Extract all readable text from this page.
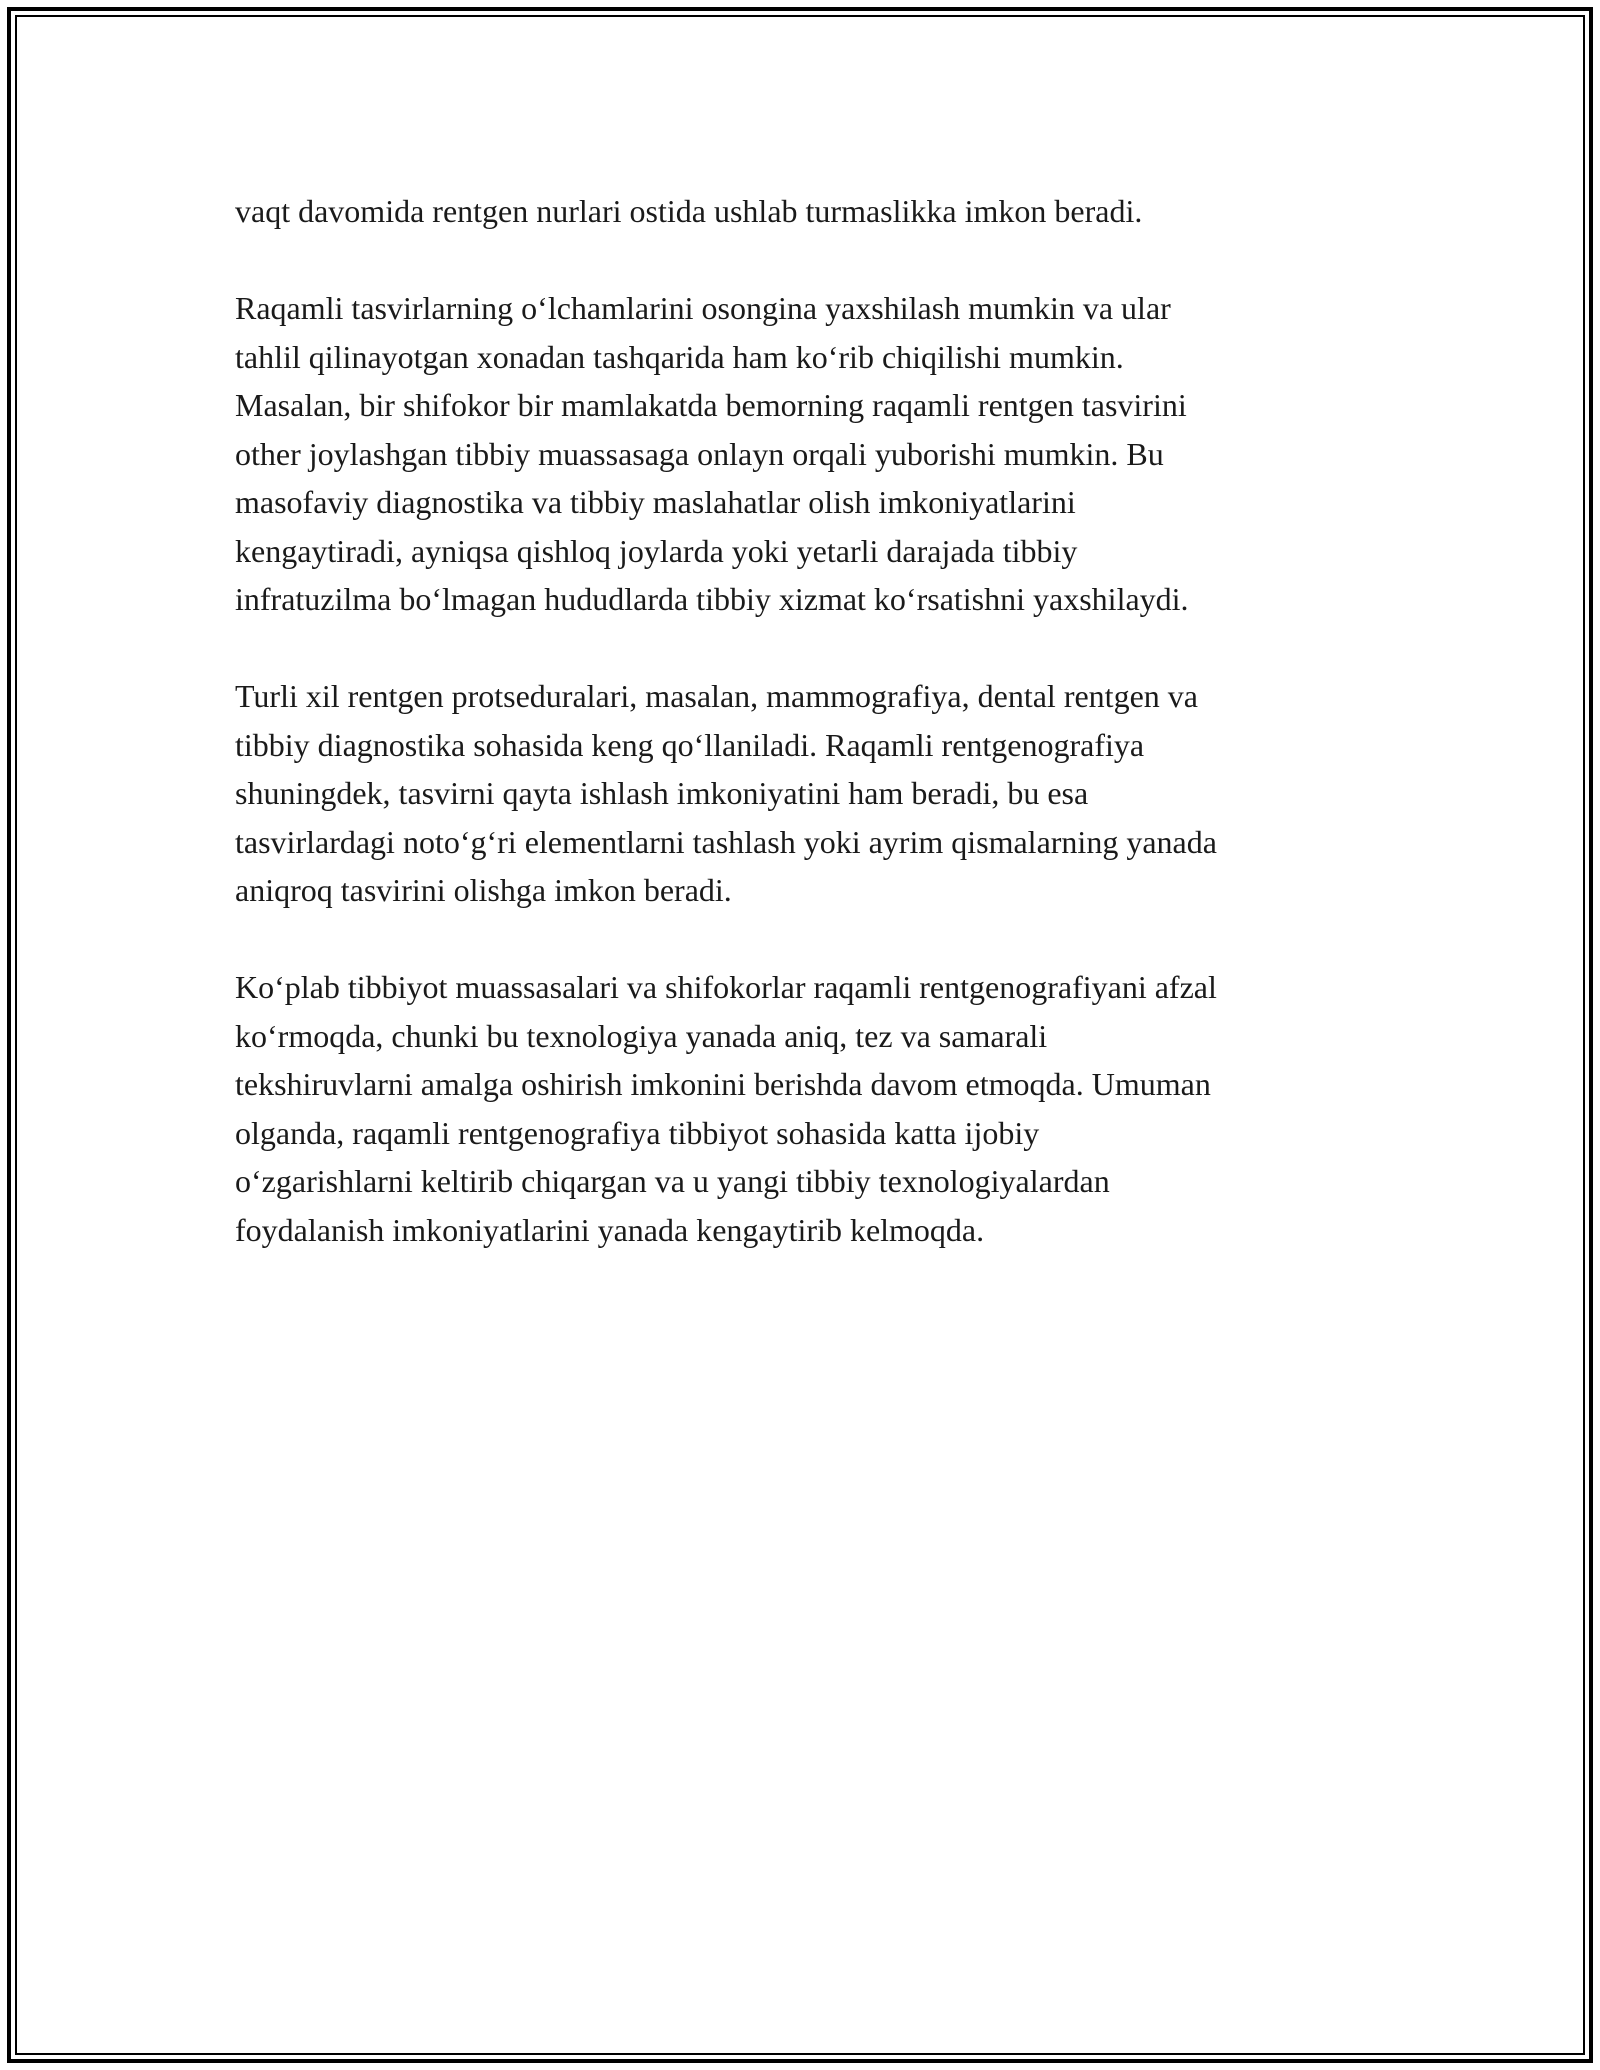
vaqt davomida rentgen nurlari ostida ushlab turmaslikka imkon beradi.
Raqamli tasvirlarning o‘lchamlarini osongina yaxshilash mumkin va ular
tahlil qilinayotgan xonadan tashqarida ham ko‘rib chiqilishi mumkin.
Masalan, bir shifokor bir mamlakatda bemorning raqamli rentgen tasvirini
other joylashgan tibbiy muassasaga onlayn orqali yuborishi mumkin. Bu
masofaviy diagnostika va tibbiy maslahatlar olish imkoniyatlarini
kengaytiradi, ayniqsa qishloq joylarda yoki yetarli darajada tibbiy
infratuzilma bo‘lmagan hududlarda tibbiy xizmat ko‘rsatishni yaxshilaydi.
Turli xil rentgen protseduralari, masalan, mammografiya, dental rentgen va
tibbiy diagnostika sohasida keng qo‘llaniladi. Raqamli rentgenografiya
shuningdek, tasvirni qayta ishlash imkoniyatini ham beradi, bu esa
tasvirlardagi noto‘g‘ri elementlarni tashlash yoki ayrim qismalarning yanada
aniqroq tasvirini olishga imkon beradi.
Ko‘plab tibbiyot muassasalari va shifokorlar raqamli rentgenografiyani afzal
ko‘rmoqda, chunki bu texnologiya yanada aniq, tez va samarali
tekshiruvlarni amalga oshirish imkonini berishda davom etmoqda. Umuman
olganda, raqamli rentgenografiya tibbiyot sohasida katta ijobiy
o‘zgarishlarni keltirib chiqargan va u yangi tibbiy texnologiyalardan
foydalanish imkoniyatlarini yanada kengaytirib kelmoqda.
